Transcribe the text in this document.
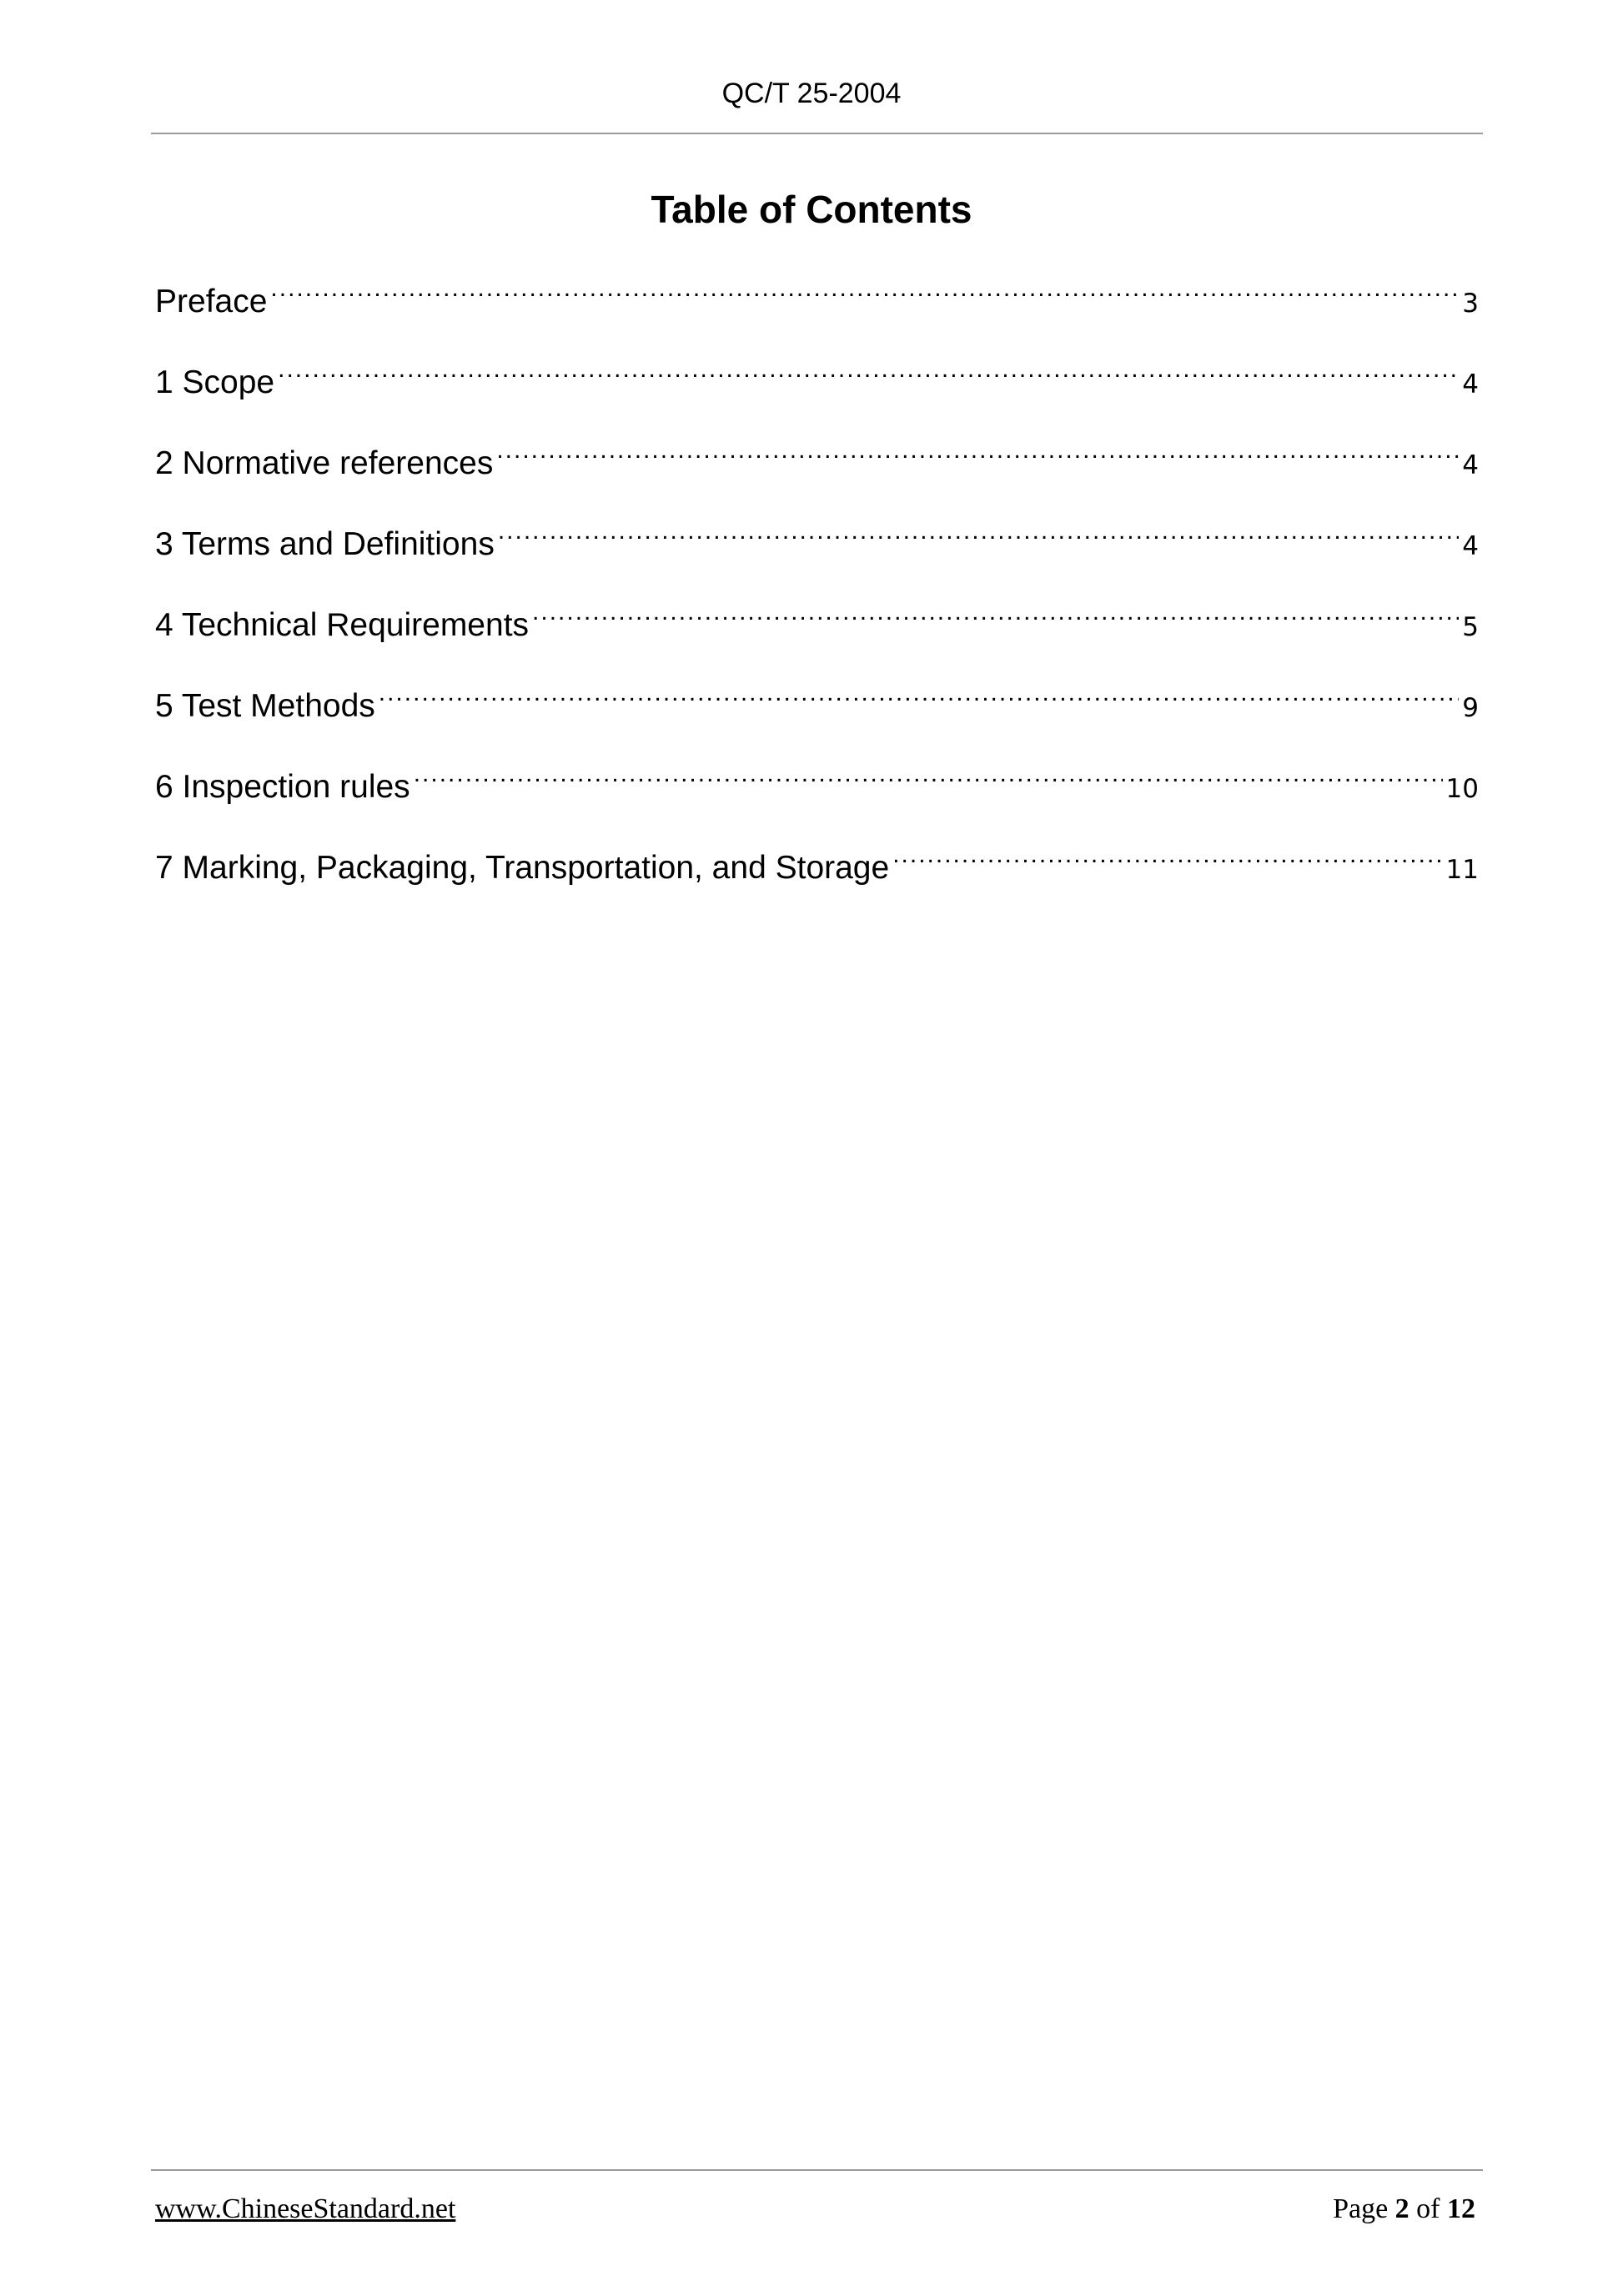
QC/T 25-2004
Table of Contents
Preface .....	3
1 Scope .....	4
2 Normative references .....	4
3 Terms and Definitions .....	4
4 Technical Requirements .....	5
5 Test Methods .....	9
6 Inspection rules .....	10
7 Marking, Packaging, Transportation, and Storage .....	11
www.ChineseStandard.net	Page 2 of 12
